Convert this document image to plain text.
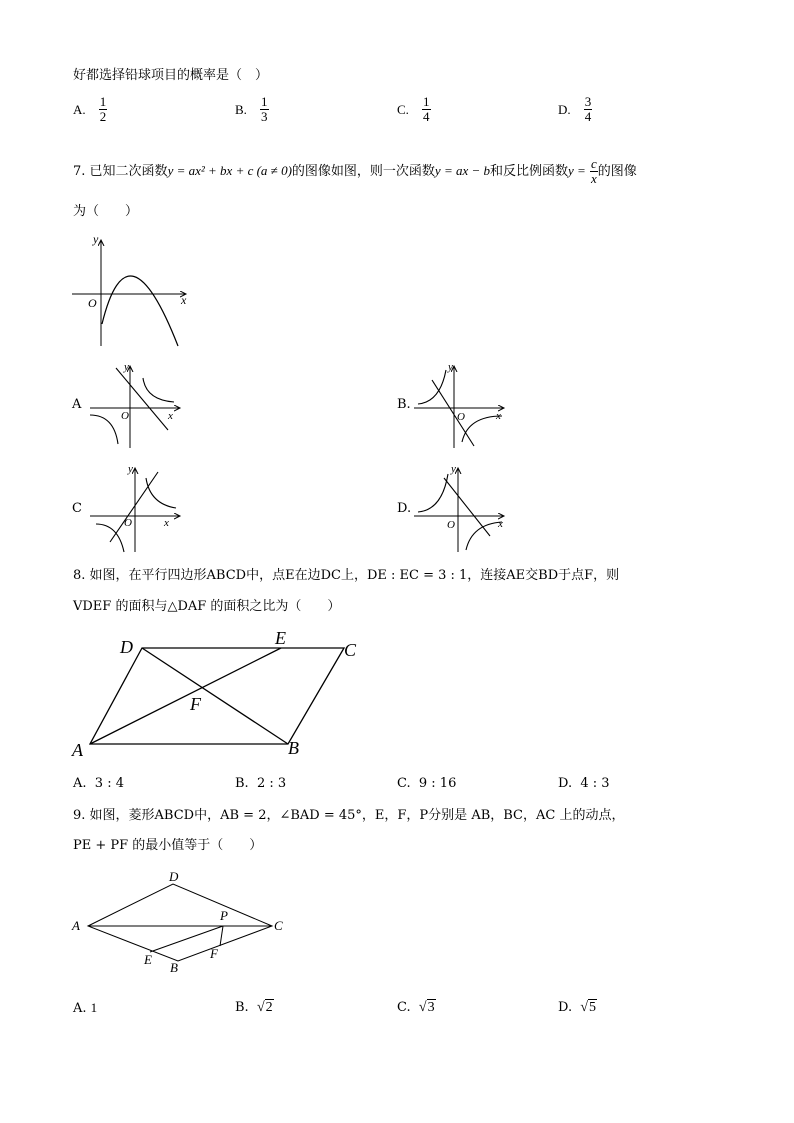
好都选择铅球项目的概率是（　）
A. $\frac{1}{2}$	B. $\frac{1}{3}$	C. $\frac{1}{4}$	D. $\frac{3}{4}$
7. 已知二次函数y = ax² + bx + c (a ≠ 0)的图像如图，则一次函数y = ax − b和反比例函数$y = \frac{c}{x}$ 的图像
为（　　）
y
x
O
A
y
x
O
B.
y
x
O
C
y
x
O
D.
y
x
O
8. 如图，在平行四边形ABCD中，点E在边DC上，DE : EC = 3 : 1，连接AE交BD于点F，则
VDEF 的面积与△DAF 的面积之比为（　　）
D	E
C
F
A	B
A. 3 : 4	B. 2 : 3	C. 9 : 16	D. 4 : 3
9. 如图，菱形ABCD中，AB = 2，∠BAD = 45°，E，F，P分别是 AB，BC，AC 上的动点，
PE + PF 的最小值等于（　　）
D
A	C
P
E	F
B
A. 1	B. √2	C. √3	D. √5
